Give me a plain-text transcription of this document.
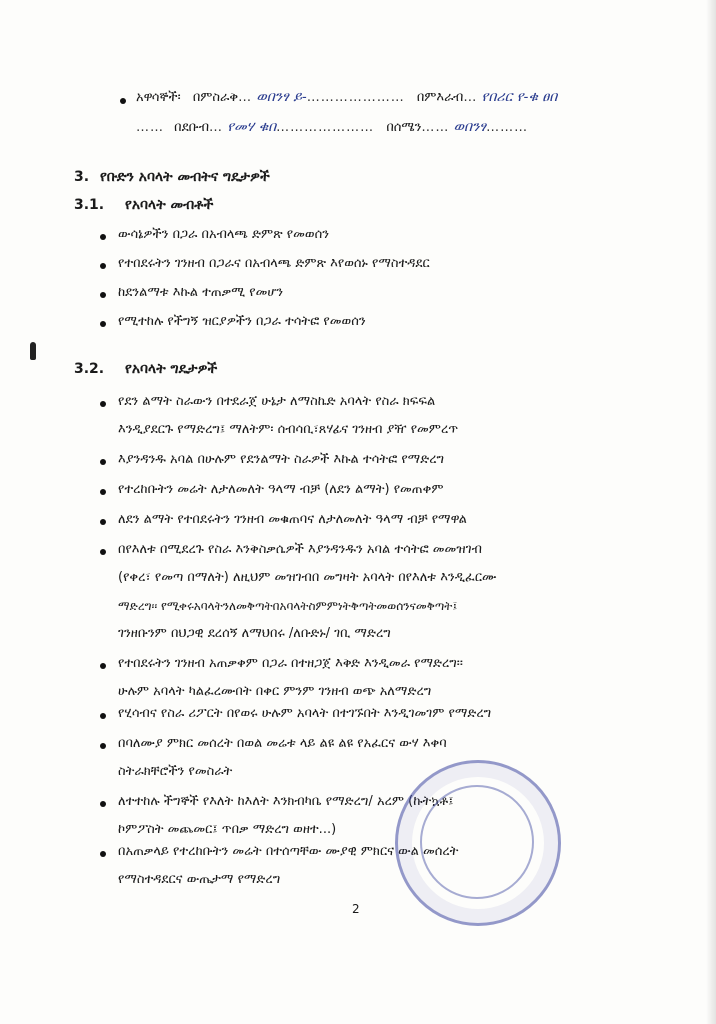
አዋሳኞች፡ በምስራቅ… ወበንፃ ይ-………………… በምእራብ… የበሪር የ-ቁ ፀበ
…… በደቡብ… የመሃ ቁበ………………… በሰሜን…… ወበንፃ………
3. የቡድን አባላት መብትና ግዴታዎች
3.1. የአባላት መብቶች
ውሳኔዎችን በጋራ በአብላጫ ድምጽ የመወሰን
የተበደሩትን ገንዘብ በጋራና በአብላጫ ድምጽ እየወሰኑ የማስተዳደር
ከደንልማቱ እኩል ተጠቃሚ የመሆን
የሚተከሉ የችግኝ ዝርያዎችን በጋራ ተሳትፎ የመወሰን
3.2. የአባላት ግዴታዎች
የደን ልማት ስራውን በተደራጀ ሁኔታ ለማስኬድ አባላት የስራ ክፍፍል
እንዲያደርጉ የማድረግ፤ ማለትም፡ ሰብሳቢ፣ጸሃፊና ገንዘብ ያዥ የመምረጥ
እያንዳንዱ አባል በሁሉም የደንልማት ስራዎች እኩል ተሳትፎ የማድረግ
የተረከቡትን መሬት ለታለመለት ዓላማ ብቻ (ለደን ልማት) የመጠቀም
ለደን ልማት የተበደሩትን ገንዘብ መቁጠባና ለታለመለት ዓላማ ብቻ የማዋል
በየእለቱ በሚደረጉ የስራ እንቅስቃሴዎች እያንዳንዱን አባል ተሳትፎ መመዝገብ
(የቀረ፣ የመጣ በማለት) ለዚህም መዝገብበ መግዛት አባላት በየእለቱ እንዲፈርሙ
ማድረግ፡፡ የሚቀሩአባላትንለመቅጣትበአባላትስምምነትቅጣትመወሰንናመቅጣት፤
ገንዘቡንም በህጋዊ ደረሰኝ ለማህበሩ /ለቡድኑ/ ገቢ ማድረግ
የተበደሩትን ገንዘብ አጠቃቀም በጋራ በተዘጋጀ እቅድ እንዲመራ የማድረግ፡፡
ሁሉም አባላት ካልፈረሙበት በቀር ምንም ገንዘብ ወጭ አለማድረግ
የሂሳብና የስራ ሪፖርት በየወሩ ሁሉም አባላት በተገኙበት እንዲገመገም የማድረግ
በባለሙያ ምክር መሰረት በወል መሬቱ ላይ ልዩ ልዩ የአፈርና ውሃ እቀባ
ስትራክቸሮችን የመስራት
ለተተከሉ ችግኞች የእለት ከእለት እንክብካቤ የማድረግ/ አረም (ኩትኳቶ፤
ኮምፖስት መጨመር፤ ጥበቃ ማድረግ ወዘተ...)
በአጠቃላይ የተረከቡትን መሬት በተሰጣቸው ሙያዊ ምክርና ውል መሰረት
የማስተዳደርና ውጤታማ የማድረግ
2
